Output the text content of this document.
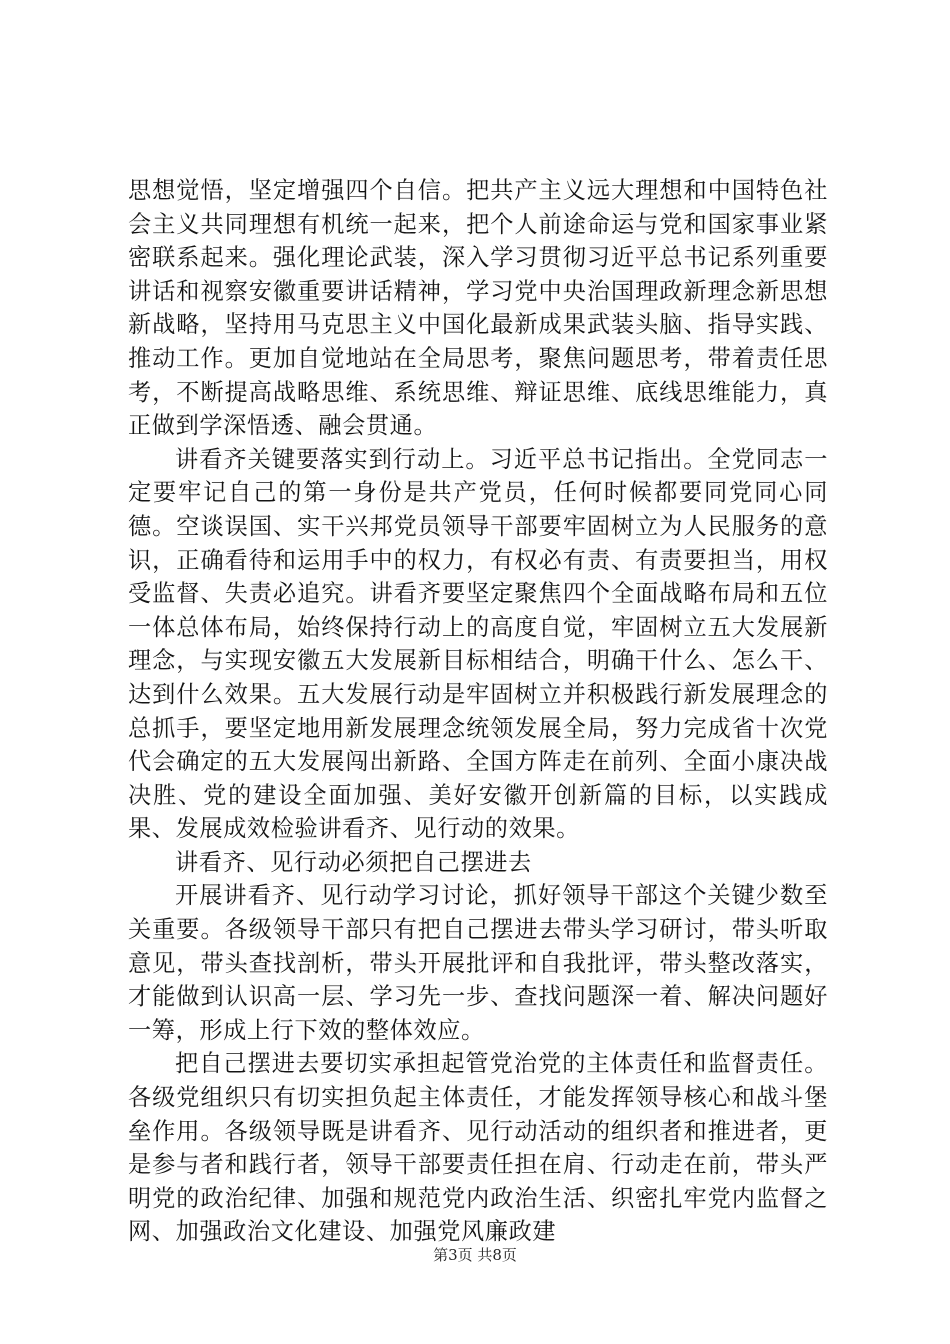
思想觉悟，坚定增强四个自信。把共产主义远大理想和中国特色社会主义共同理想有机统一起来，把个人前途命运与党和国家事业紧密联系起来。强化理论武装，深入学习贯彻习近平总书记系列重要讲话和视察安徽重要讲话精神，学习党中央治国理政新理念新思想新战略，坚持用马克思主义中国化最新成果武装头脑、指导实践、推动工作。更加自觉地站在全局思考，聚焦问题思考，带着责任思考，不断提高战略思维、系统思维、辩证思维、底线思维能力，真正做到学深悟透、融会贯通。

讲看齐关键要落实到行动上。习近平总书记指出。全党同志一定要牢记自己的第一身份是共产党员，任何时候都要同党同心同德。空谈误国、实干兴邦党员领导干部要牢固树立为人民服务的意识，正确看待和运用手中的权力，有权必有责、有责要担当，用权受监督、失责必追究。讲看齐要坚定聚焦四个全面战略布局和五位一体总体布局，始终保持行动上的高度自觉，牢固树立五大发展新理念，与实现安徽五大发展新目标相结合，明确干什么、怎么干、达到什么效果。五大发展行动是牢固树立并积极践行新发展理念的总抓手，要坚定地用新发展理念统领发展全局，努力完成省十次党代会确定的五大发展闯出新路、全国方阵走在前列、全面小康决战决胜、党的建设全面加强、美好安徽开创新篇的目标，以实践成果、发展成效检验讲看齐、见行动的效果。

讲看齐、见行动必须把自己摆进去

开展讲看齐、见行动学习讨论，抓好领导干部这个关键少数至关重要。各级领导干部只有把自己摆进去带头学习研讨，带头听取意见，带头查找剖析，带头开展批评和自我批评，带头整改落实，才能做到认识高一层、学习先一步、查找问题深一着、解决问题好一筹，形成上行下效的整体效应。

把自己摆进去要切实承担起管党治党的主体责任和监督责任。各级党组织只有切实担负起主体责任，才能发挥领导核心和战斗堡垒作用。各级领导既是讲看齐、见行动活动的组织者和推进者，更是参与者和践行者，领导干部要责任担在肩、行动走在前，带头严明党的政治纪律、加强和规范党内政治生活、织密扎牢党内监督之网、加强政治文化建设、加强党风廉政建

第3页 共8页
